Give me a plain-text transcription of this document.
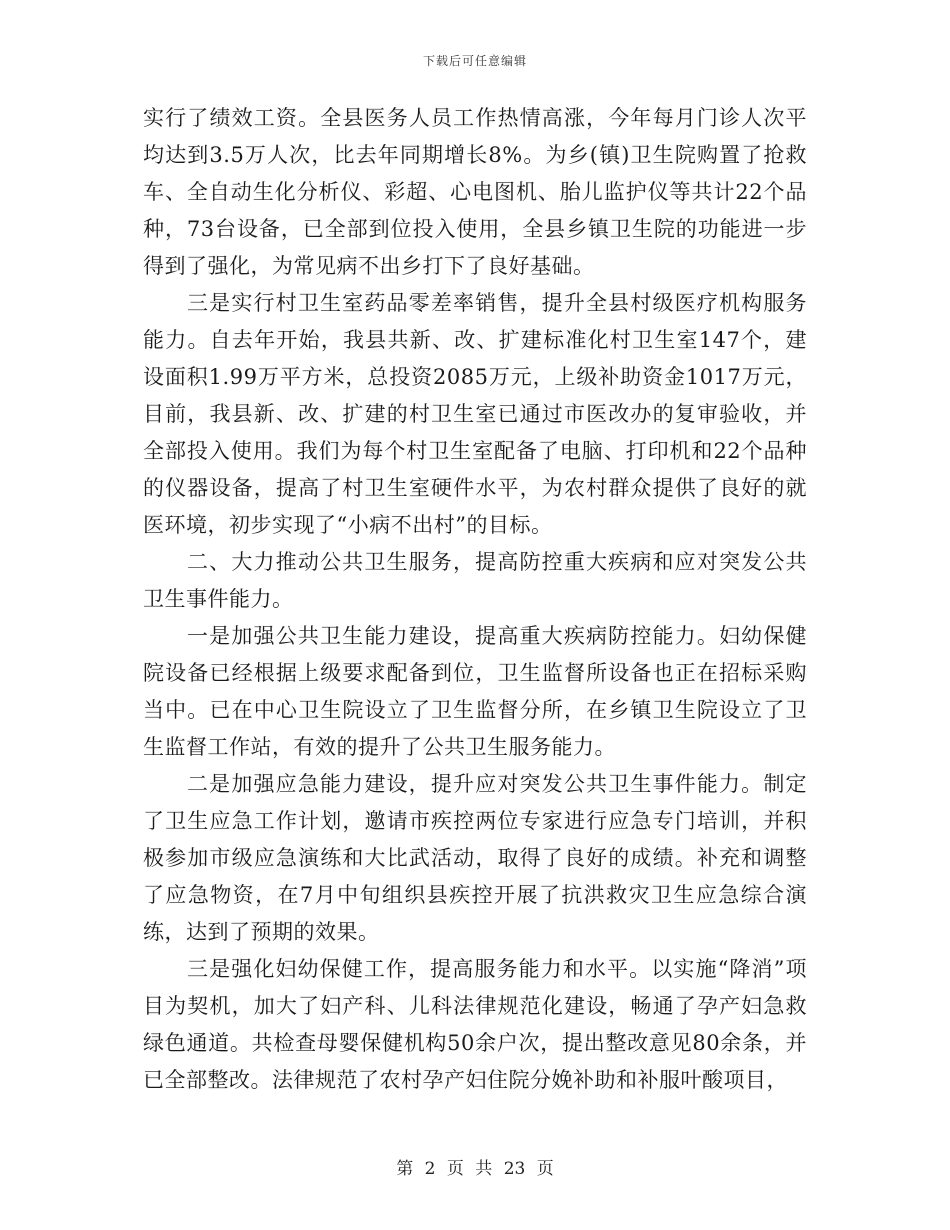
下载后可任意编辑

实行了绩效工资。全县医务人员工作热情高涨，今年每月门诊人次平均达到3.5万人次，比去年同期增长8%。为乡(镇)卫生院购置了抢救车、全自动生化分析仪、彩超、心电图机、胎儿监护仪等共计22个品种，73台设备，已全部到位投入使用，全县乡镇卫生院的功能进一步得到了强化，为常见病不出乡打下了良好基础。

三是实行村卫生室药品零差率销售，提升全县村级医疗机构服务能力。自去年开始，我县共新、改、扩建标准化村卫生室147个，建设面积1.99万平方米，总投资2085万元，上级补助资金1017万元，目前，我县新、改、扩建的村卫生室已通过市医改办的复审验收，并全部投入使用。我们为每个村卫生室配备了电脑、打印机和22个品种的仪器设备，提高了村卫生室硬件水平，为农村群众提供了良好的就医环境，初步实现了“小病不出村”的目标。

二、大力推动公共卫生服务，提高防控重大疾病和应对突发公共卫生事件能力。

一是加强公共卫生能力建设，提高重大疾病防控能力。妇幼保健院设备已经根据上级要求配备到位，卫生监督所设备也正在招标采购当中。已在中心卫生院设立了卫生监督分所，在乡镇卫生院设立了卫生监督工作站，有效的提升了公共卫生服务能力。

二是加强应急能力建设，提升应对突发公共卫生事件能力。制定了卫生应急工作计划，邀请市疾控两位专家进行应急专门培训，并积极参加市级应急演练和大比武活动，取得了良好的成绩。补充和调整了应急物资，在7月中旬组织县疾控开展了抗洪救灾卫生应急综合演练，达到了预期的效果。

三是强化妇幼保健工作，提高服务能力和水平。以实施“降消”项目为契机，加大了妇产科、儿科法律规范化建设，畅通了孕产妇急救绿色通道。共检查母婴保健机构50余户次，提出整改意见80余条，并已全部整改。法律规范了农村孕产妇住院分娩补助和补服叶酸项目，

第 2 页 共 23 页
